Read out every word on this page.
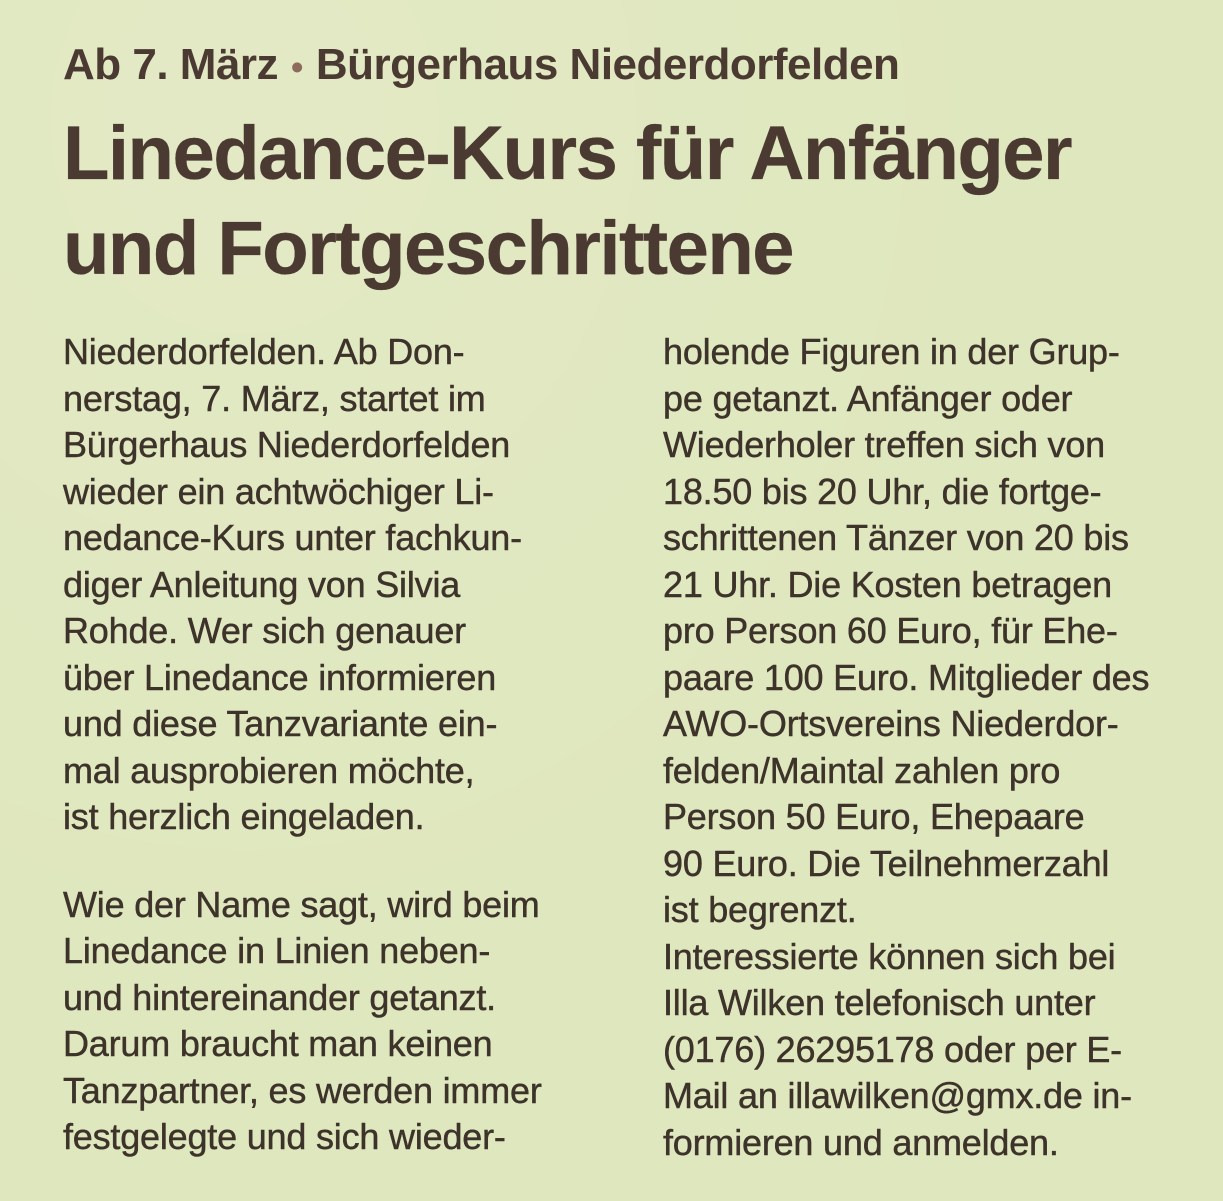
Ab 7. März • Bürgerhaus Niederdorfelden
Linedance-Kurs für Anfänger
und Fortgeschrittene
Niederdorfelden. Ab Don-
nerstag, 7. März, startet im
Bürgerhaus Niederdorfelden
wieder ein achtwöchiger Li-
nedance-Kurs unter fachkun-
diger Anleitung von Silvia
Rohde. Wer sich genauer
über Linedance informieren
und diese Tanzvariante ein-
mal ausprobieren möchte,
ist herzlich eingeladen.
Wie der Name sagt, wird beim
Linedance in Linien neben-
und hintereinander getanzt.
Darum braucht man keinen
Tanzpartner, es werden immer
festgelegte und sich wieder-
holende Figuren in der Grup-
pe getanzt. Anfänger oder
Wiederholer treffen sich von
18.50 bis 20 Uhr, die fortge-
schrittenen Tänzer von 20 bis
21 Uhr. Die Kosten betragen
pro Person 60 Euro, für Ehe-
paare 100 Euro. Mitglieder des
AWO-Ortsvereins Niederdor-
felden/Maintal zahlen pro
Person 50 Euro, Ehepaare
90 Euro. Die Teilnehmerzahl
ist begrenzt.
Interessierte können sich bei
Illa Wilken telefonisch unter
(0176) 26295178 oder per E-
Mail an illawilken@gmx.de in-
formieren und anmelden.
